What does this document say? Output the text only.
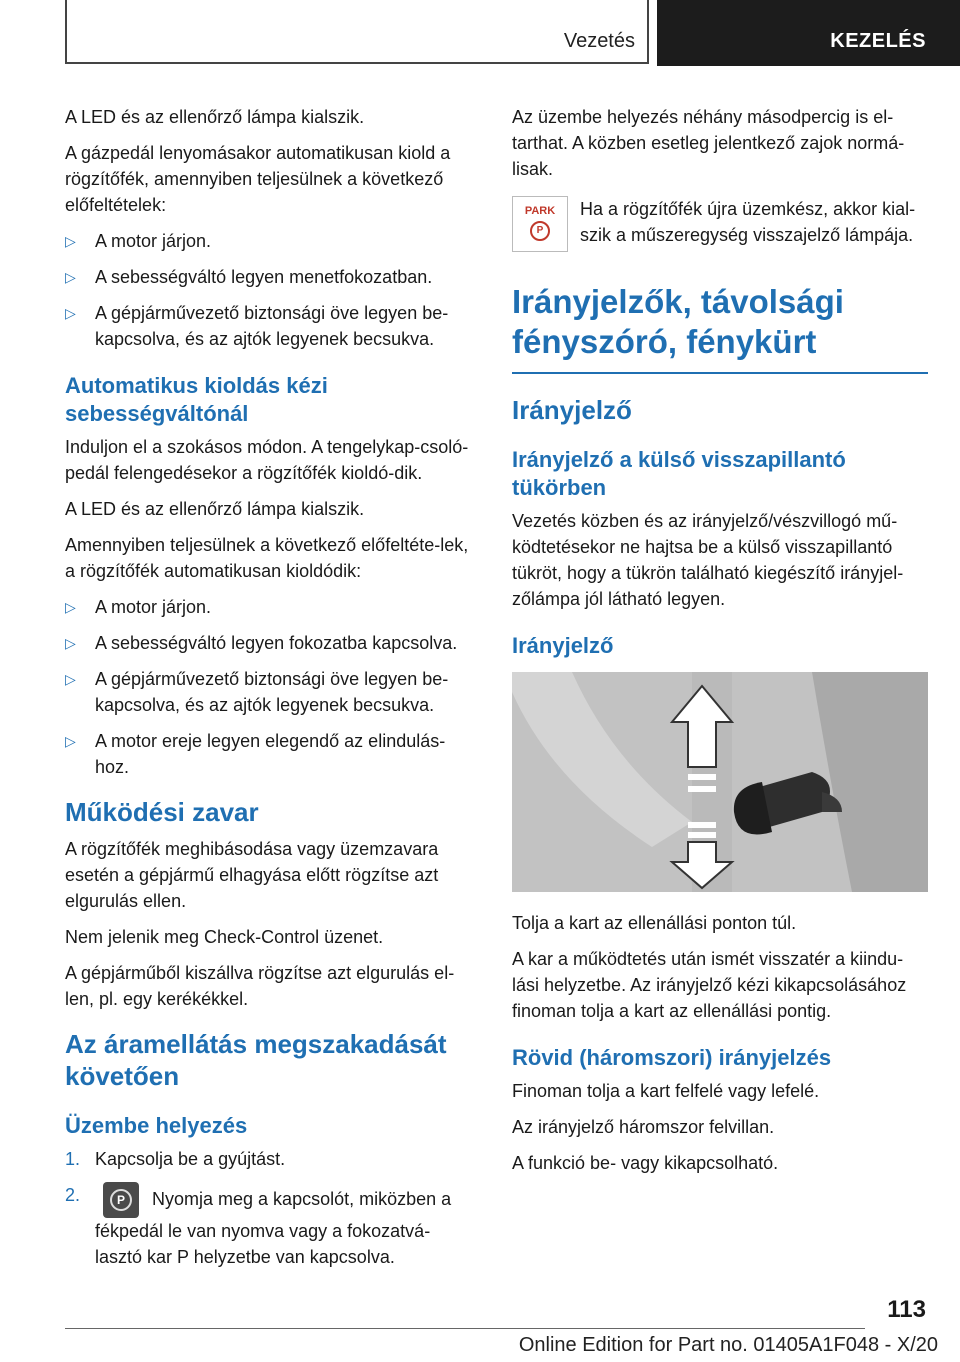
Vezetés	KEZELÉS

A LED és az ellenőrző lámpa kialszik.

A gázpedál lenyomásakor automatikusan kiold a rögzítőfék, amennyiben teljesülnek a következő előfeltételek:

▷ A motor járjon.

▷ A sebességváltó legyen menetfokozatban.

▷ A gépjárművezető biztonsági öve legyen be-kapcsolva, és az ajtók legyenek becsukva.

Automatikus kioldás kézi sebességváltónál

Induljon el a szokásos módon. A tengelykap-csoló-pedál felengedésekor a rögzítőfék kioldó-dik.

A LED és az ellenőrző lámpa kialszik.

Amennyiben teljesülnek a következő előfeltéte-lek, a rögzítőfék automatikusan kioldódik:

▷ A motor járjon.

▷ A sebességváltó legyen fokozatba kapcsolva.

▷ A gépjárművezető biztonsági öve legyen be-kapcsolva, és az ajtók legyenek becsukva.

▷ A motor ereje legyen elegendő az elindulás-hoz.

Működési zavar

A rögzítőfék meghibásodása vagy üzemzavara esetén a gépjármű elhagyása előtt rögzítse azt elgurulás ellen.

Nem jelenik meg Check-Control üzenet.

A gépjárműből kiszállva rögzítse azt elgurulás el-len, pl. egy kerékékkel.

Az áramellátás megszakadását követően
Üzembe helyezés

1. Kapcsolja be a gyújtást.

2.	P	Nyomja meg a kapcsolót, miközben a fékpedál le van nyomva vagy a fokozatvá-lasztó kar P helyzetbe van kapcsolva.

Az üzembe helyezés néhány másodpercig is el-tarthat. A közben esetleg jelentkező zajok normá-lisak.

PARK
P

Ha a rögzítőfék újra üzemkész, akkor kial-szik a műszeregység visszajelző lámpája.

Irányjelzők, távolsági fényszóró, fénykürt
Irányjelző
Irányjelző a külső visszapillantó tükörben

Vezetés közben és az irányjelző/vészvillogó mű-ködtetésekor ne hajtsa be a külső visszapillantó tükröt, hogy a tükrön található kiegészítő irányjel-zőlámpa jól látható legyen.

Irányjelző

Tolja a kart az ellenállási ponton túl.

A kar a működtetés után ismét visszatér a kiindu-lási helyzetbe. Az irányjelző kézi kikapcsolásához finoman tolja a kart az ellenállási pontig.

Rövid (háromszori) irányjelzés

Finoman tolja a kart felfelé vagy lefelé.

Az irányjelző háromszor felvillan.

A funkció be- vagy kikapcsolható.

113
Online Edition for Part no. 01405A1F048 - X/20
